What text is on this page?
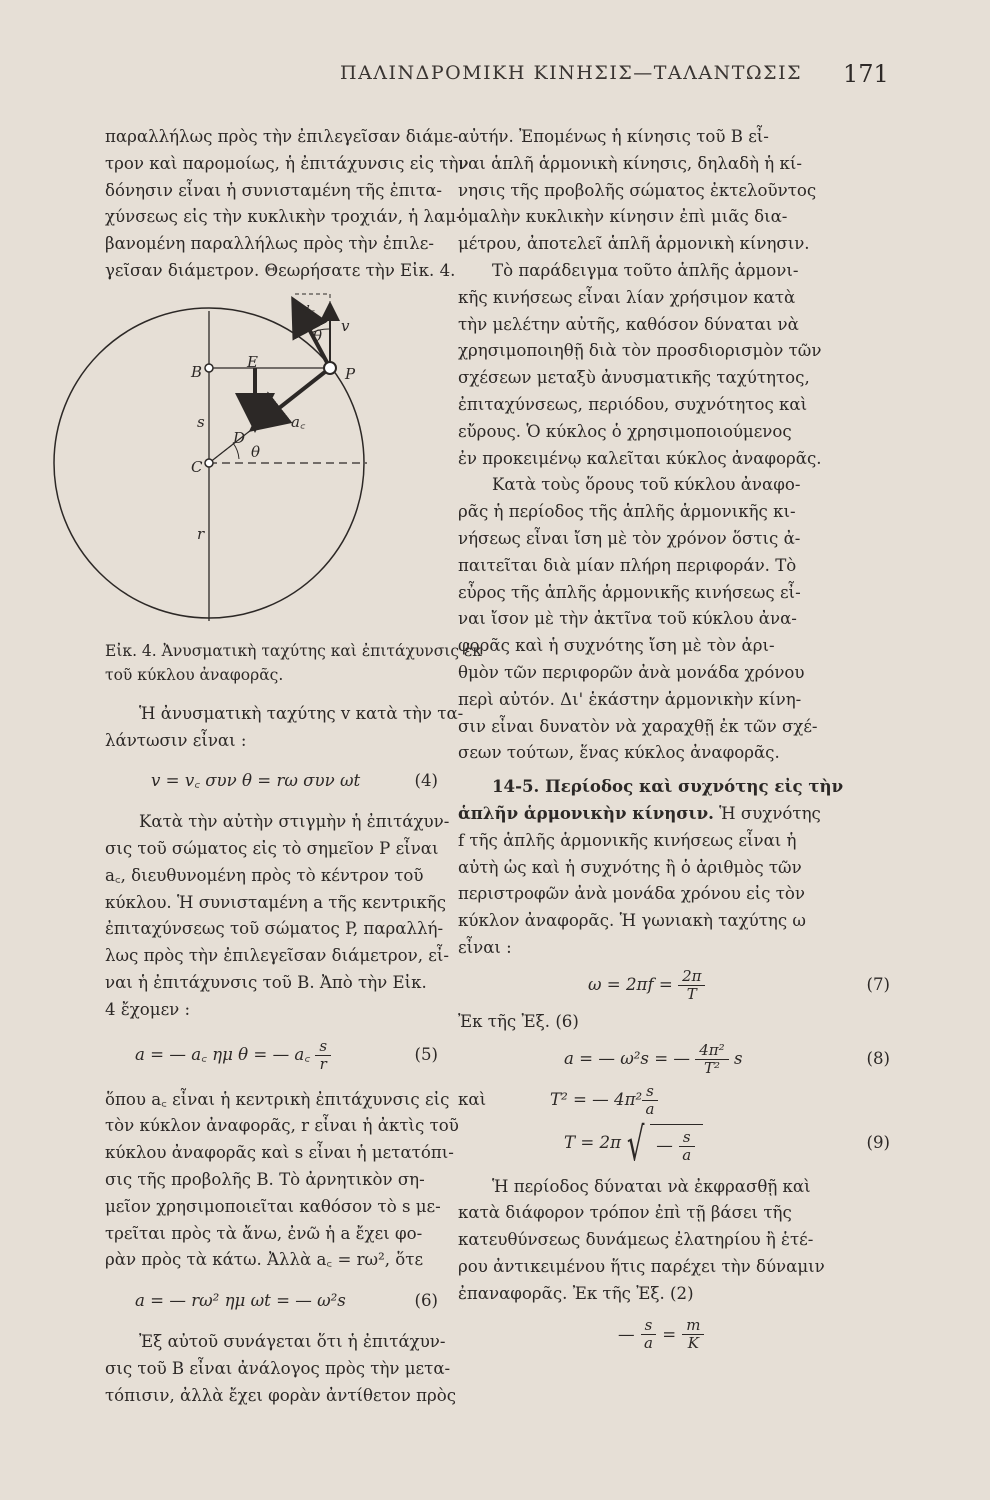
ΠΑΛΙΝΔΡΟΜΙΚΗ ΚΙΝΗΣΙΣ—ΤΑΛΑΝΤΩΣΙΣ	171
παραλλήλως πρὸς τὴν ἐπιλεγεῖσαν διάμε-
τρον καὶ παρομοίως, ἡ ἐπιτάχυνσις εἰς τὴν
δόνησιν εἶναι ἡ συνισταμένη τῆς ἐπιτα-
χύνσεως εἰς τὴν κυκλικὴν τροχιάν, ἡ λαμ-
βανομένη παραλλήλως πρὸς τὴν ἐπιλε-
γεῖσαν διάμετρον. Θεωρήσατε τὴν Εἰκ. 4.
v꜀
v
θ
B
E
P
a
s	a꜀
D
θ
C
r
Εἰκ. 4. Ἀνυσματικὴ ταχύτης καὶ ἐπιτάχυνσις ἐκ
τοῦ κύκλου ἀναφορᾶς.
Ἡ ἀνυσματικὴ ταχύτης v κατὰ τὴν τα-
λάντωσιν εἶναι :
v = v꜀ συν θ = rω συν ωt	(4)
Κατὰ τὴν αὐτὴν στιγμὴν ἡ ἐπιτάχυν-
σις τοῦ σώματος εἰς τὸ σημεῖον P εἶναι
a꜀, διευθυνομένη πρὸς τὸ κέντρον τοῦ
κύκλου. Ἡ συνισταμένη a τῆς κεντρικῆς
ἐπιταχύνσεως τοῦ σώματος P, παραλλή-
λως πρὸς τὴν ἐπιλεγεῖσαν διάμετρον, εἶ-
ναι ἡ ἐπιτάχυνσις τοῦ B. Ἀπὸ τὴν Εἰκ.
4 ἔχομεν :
a = — a꜀ ημ θ = — a꜀ $\frac{s}{r}$	(5)
ὅπου a꜀ εἶναι ἡ κεντρικὴ ἐπιτάχυνσις εἰς
τὸν κύκλον ἀναφορᾶς, r εἶναι ἡ ἀκτὶς τοῦ
κύκλου ἀναφορᾶς καὶ s εἶναι ἡ μετατόπι-
σις τῆς προβολῆς B. Τὸ ἀρνητικὸν ση-
μεῖον χρησιμοποιεῖται καθόσον τὸ s με-
τρεῖται πρὸς τὰ ἄνω, ἐνῶ ἡ a ἔχει φο-
ρὰν πρὸς τὰ κάτω. Ἀλλὰ a꜀ = rω², ὅτε
a = — rω² ημ ωt = — ω²s	(6)
Ἐξ αὐτοῦ συνάγεται ὅτι ἡ ἐπιτάχυν-
σις τοῦ B εἶναι ἀνάλογος πρὸς τὴν μετα-
τόπισιν, ἀλλὰ ἔχει φορὰν ἀντίθετον πρὸς
αὐτήν. Ἐπομένως ἡ κίνησις τοῦ B εἶ-
ναι ἁπλῆ ἁρμονικὴ κίνησις, δηλαδὴ ἡ κί-
νησις τῆς προβολῆς σώματος ἐκτελοῦντος
ὁμαλὴν κυκλικὴν κίνησιν ἐπὶ μιᾶς δια-
μέτρου, ἀποτελεῖ ἁπλῆ ἁρμονικὴ κίνησιν.
Τὸ παράδειγμα τοῦτο ἁπλῆς ἁρμονι-
κῆς κινήσεως εἶναι λίαν χρήσιμον κατὰ
τὴν μελέτην αὐτῆς, καθόσον δύναται νὰ
χρησιμοποιηθῇ διὰ τὸν προσδιορισμὸν τῶν
σχέσεων μεταξὺ ἀνυσματικῆς ταχύτητος,
ἐπιταχύνσεως, περιόδου, συχνότητος καὶ
εὔρους. Ὁ κύκλος ὁ χρησιμοποιούμενος
ἐν προκειμένῳ καλεῖται κύκλος ἀναφορᾶς.
Κατὰ τοὺς ὅρους τοῦ κύκλου ἀναφο-
ρᾶς ἡ περίοδος τῆς ἁπλῆς ἁρμονικῆς κι-
νήσεως εἶναι ἴση μὲ τὸν χρόνον ὅστις ἀ-
παιτεῖται διὰ μίαν πλήρη περιφοράν. Τὸ
εὖρος τῆς ἁπλῆς ἁρμονικῆς κινήσεως εἶ-
ναι ἴσον μὲ τὴν ἀκτῖνα τοῦ κύκλου ἀνα-
φορᾶς καὶ ἡ συχνότης ἴση μὲ τὸν ἀρι-
θμὸν τῶν περιφορῶν ἀνὰ μονάδα χρόνου
περὶ αὐτόν. Δι' ἑκάστην ἁρμονικὴν κίνη-
σιν εἶναι δυνατὸν νὰ χαραχθῇ ἐκ τῶν σχέ-
σεων τούτων, ἕνας κύκλος ἀναφορᾶς.
14-5. Περίοδος καὶ συχνότης εἰς τὴν
ἁπλῆν ἁρμονικὴν κίνησιν. Ἡ συχνότης
f τῆς ἁπλῆς ἁρμονικῆς κινήσεως εἶναι ἡ
αὐτὴ ὡς καὶ ἡ συχνότης ἢ ὁ ἀριθμὸς τῶν
περιστροφῶν ἀνὰ μονάδα χρόνου εἰς τὸν
κύκλον ἀναφορᾶς. Ἡ γωνιακὴ ταχύτης ω
εἶναι :
$\omega = 2\pi f = \frac{2\pi}{T}$	(7)
Ἐκ τῆς Ἐξ. (6)
a = — ω²s = — $\frac{\text{4π²}}{\text{T²}}$ s	(8)
καὶ	T² = — $4\pi^2 \frac{s}{a}$
T = 2π √ — $\frac{s}{a}$	(9)
Ἡ περίοδος δύναται νὰ ἐκφρασθῇ καὶ
κατὰ διάφορον τρόπον ἐπὶ τῇ βάσει τῆς
κατευθύνσεως δυνάμεως ἐλατηρίου ἢ ἑτέ-
ρου ἀντικειμένου ἥτις παρέχει τὴν δύναμιν
ἐπαναφορᾶς. Ἐκ τῆς Ἐξ. (2)
— $\frac{s}{a} = \frac{m}{K}$
